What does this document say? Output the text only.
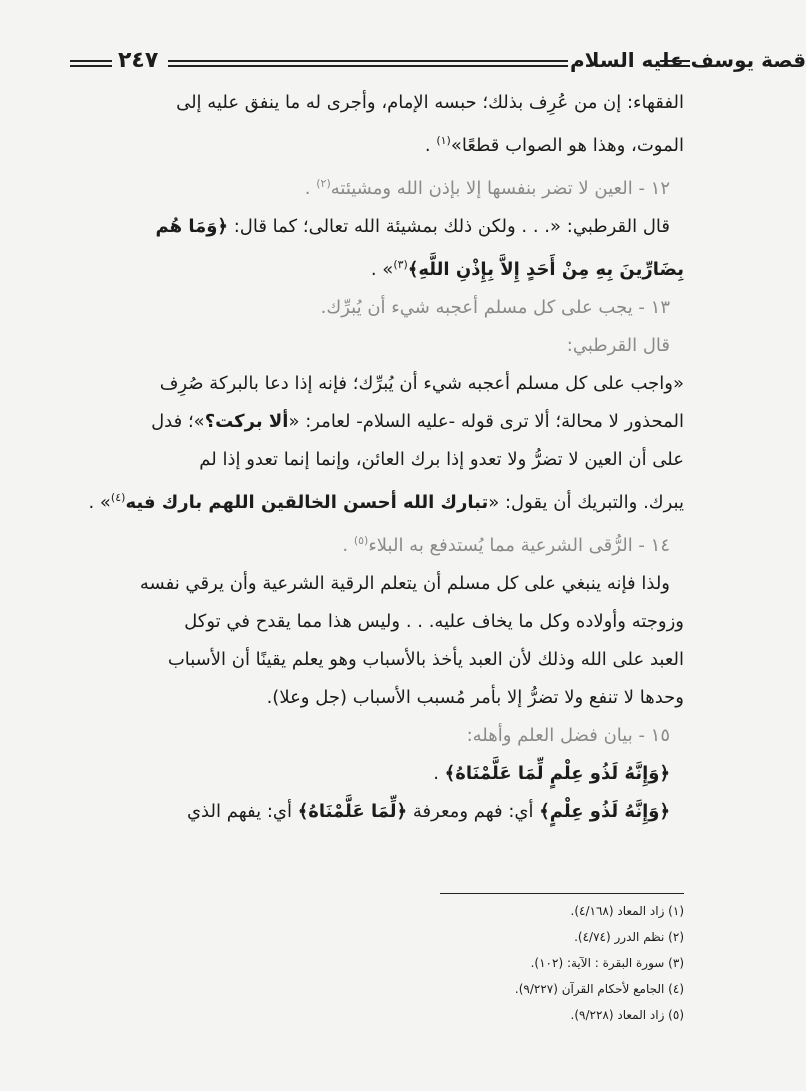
٢٤٧	قصة يوسف عليه السلام

الفقهاء: إن من عُرِف بذلك؛ حبسه الإمام، وأجرى له ما ينفق عليه إلى

الموت، وهذا هو الصواب قطعًا»$^{(١)}$ .

١٢ - العين لا تضر بنفسها إلا بإذن الله ومشيئته$^{(٢)}$ .

قال القرطبي: «. . . ولكن ذلك بمشيئة الله تعالى؛ كما قال: ﴿وَمَا هُم

بِضَارِّينَ بِهِ مِنْ أَحَدٍ إِلاَّ بِإِذْنِ اللَّهِ﴾$^{(٣)}$» .

١٣ - يجب على كل مسلم أعجبه شيء أن يُبرِّك.

قال القرطبي:

«واجب على كل مسلم أعجبه شيء أن يُبرِّك؛ فإنه إذا دعا بالبركة صُرِف

المحذور لا محالة؛ ألا ترى قوله -عليه السلام- لعامر: «ألا بركت؟»؛ فدل

على أن العين لا تضرُّ ولا تعدو إذا برك العائن، وإنما إنما تعدو إذا لم

يبرك. والتبريك أن يقول: «تبارك الله أحسن الخالقين اللهم بارك فيه$^{(٤)}$» .

١٤ - الرُّقى الشرعية مما يُستدفع به البلاء$^{(٥)}$ .

ولذا فإنه ينبغي على كل مسلم أن يتعلم الرقية الشرعية وأن يرقي نفسه

وزوجته وأولاده وكل ما يخاف عليه. . . وليس هذا مما يقدح في توكل

العبد على الله وذلك لأن العبد يأخذ بالأسباب وهو يعلم يقينًا أن الأسباب

وحدها لا تنفع ولا تضرُّ إلا بأمر مُسبب الأسباب (جل وعلا).

١٥ - بيان فضل العلم وأهله:

﴿وَإِنَّهُ لَذُو عِلْمٍ لِّمَا عَلَّمْنَاهُ﴾ .

﴿وَإِنَّهُ لَذُو عِلْمٍ﴾ أي: فهم ومعرفة ﴿لِّمَا عَلَّمْنَاهُ﴾ أي: يفهم الذي

(١) زاد المعاد (٤/١٦٨).
(٢) نظم الدرر (٤/٧٤).
(٣) سورة البقرة : الآية: (١٠٢).
(٤) الجامع لأحكام القرآن (٩/٢٢٧).
(٥) زاد المعاد (٩/٢٢٨).
